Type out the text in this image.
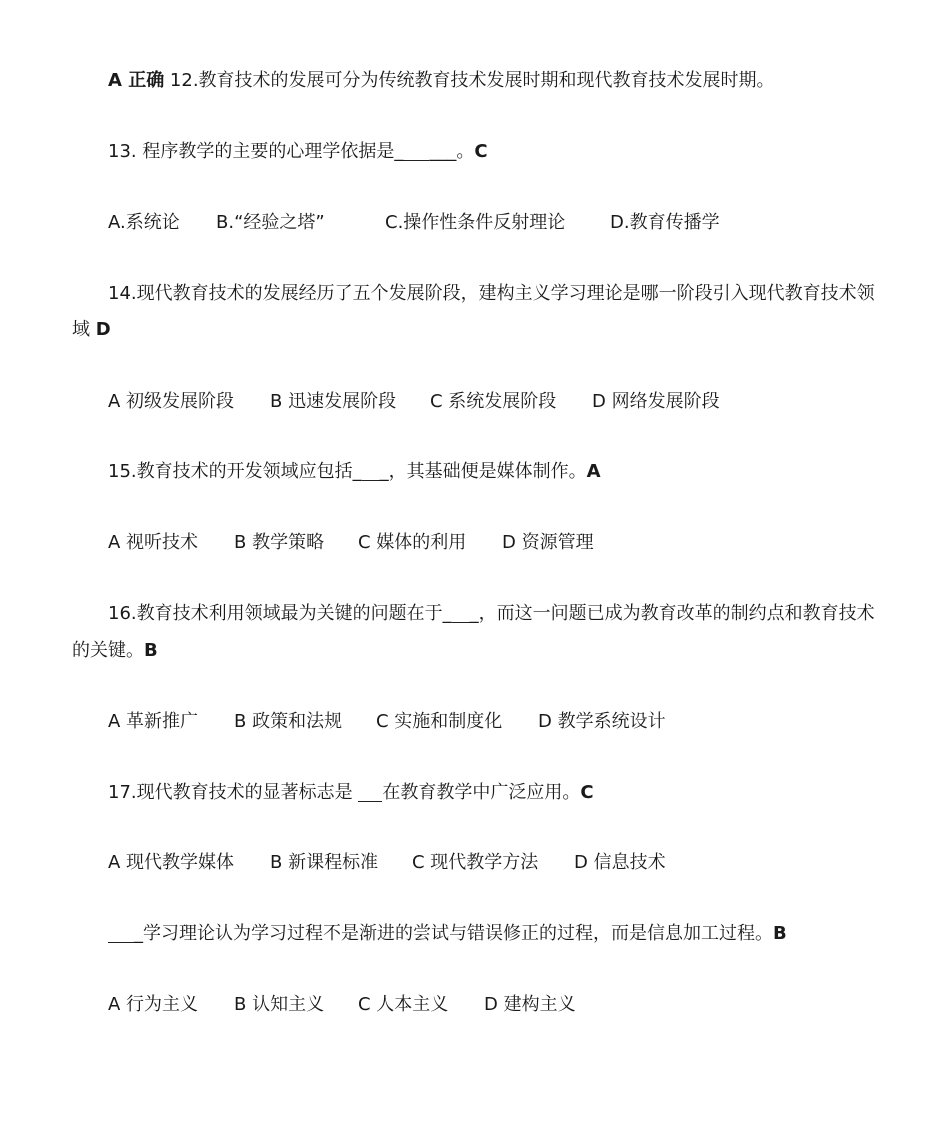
A 正确 12.教育技术的发展可分为传统教育技术发展时期和现代教育技术发展时期。
13. 程序教学的主要的心理学依据是_ ___。C
A.系统论 B.“经验之塔”	C.操作性条件反射理论 D.教育传播学
14.现代教育技术的发展经历了五个发展阶段，建构主义学习理论是哪一阶段引入现代教育技术领
域 D
A 初级发展阶段 B 迅速发展阶段 C 系统发展阶段 D 网络发展阶段
15.教育技术的开发领域应包括_ _，其基础便是媒体制作。A
A 视听技术 B 教学策略 C 媒体的利用 D 资源管理
16.教育技术利用领域最为关键的问题在于_ _，而这一问题已成为教育改革的制约点和教育技术
的关键。B
A 革新推广 B 政策和法规 C 实施和制度化 D 教学系统设计
17.现代教育技术的显著标志是 在教育教学中广泛应用。C
A 现代教学媒体 B 新课程标准 C 现代教学方法 D 信息技术
_学习理论认为学习过程不是渐进的尝试与错误修正的过程，而是信息加工过程。B
A 行为主义 B 认知主义 C 人本主义 D 建构主义
